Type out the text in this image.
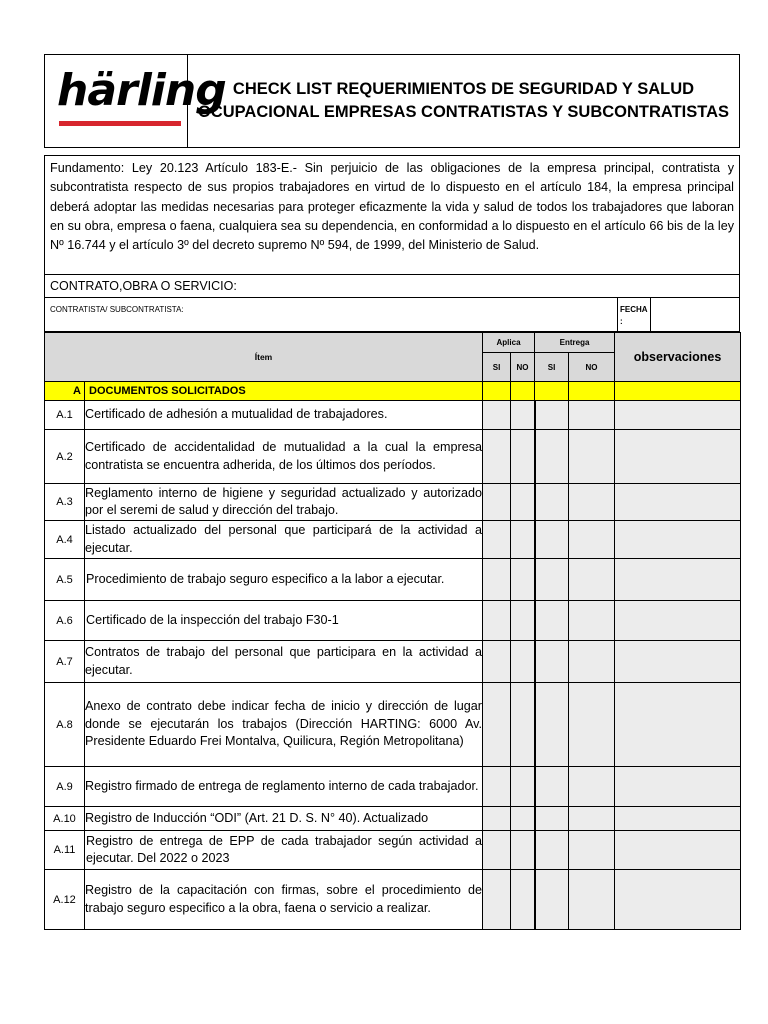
härling CHECK LIST REQUERIMIENTOS DE SEGURIDAD Y SALUD
OCUPACIONAL EMPRESAS CONTRATISTAS Y SUBCONTRATISTAS
Fundamento: Ley 20.123 Artículo 183-E.- Sin perjuicio de las obligaciones de la empresa principal, contratista y subcontratista respecto de sus propios trabajadores en virtud de lo dispuesto en el artículo 184, la empresa principal deberá adoptar las medidas necesarias para proteger eficazmente la vida y salud de todos los trabajadores que laboran en su obra, empresa o faena, cualquiera sea su dependencia, en conformidad a lo dispuesto en el artículo 66 bis de la ley Nº 16.744 y el artículo 3º del decreto supremo Nº 594, de 1999, del Ministerio de Salud.
CONTRATO,OBRA O SERVICIO:
CONTRATISTA/ SUBCONTRATISTA:	FECHA
:
Ítem		Aplica		Entrega		observaciones
		SI	NO	SI	NO	
A	DOCUMENTOS SOLICITADOS					
A.1	Certificado de adhesión a mutualidad de trabajadores.					
A.2	Certificado de accidentalidad de mutualidad a la cual la empresa contratista se encuentra adherida, de los últimos dos períodos.					
A.3	Reglamento interno de higiene y seguridad actualizado y autorizado por el seremi de salud y dirección del trabajo.					
A.4	Listado actualizado del personal que participará de la actividad a ejecutar.					
A.5	Procedimiento de trabajo seguro especifico a la labor a ejecutar.					
A.6	Certificado de la inspección del trabajo F30-1					
A.7	Contratos de trabajo del personal que participara en la actividad a ejecutar.					
A.8	Anexo de contrato debe indicar fecha de inicio y dirección de lugar donde se ejecutarán los trabajos (Dirección HARTING: 6000 Av. Presidente Eduardo Frei Montalva, Quilicura, Región Metropolitana)					
A.9	Registro firmado de entrega de reglamento interno de cada trabajador.					
A.10	Registro de Inducción “ODI” (Art. 21 D. S. N° 40). Actualizado					
A.11	Registro de entrega de EPP de cada trabajador según actividad a ejecutar. Del 2022 o 2023					
A.12	Registro de la capacitación con firmas, sobre el procedimiento de trabajo seguro especifico a la obra, faena o servicio a realizar.					
